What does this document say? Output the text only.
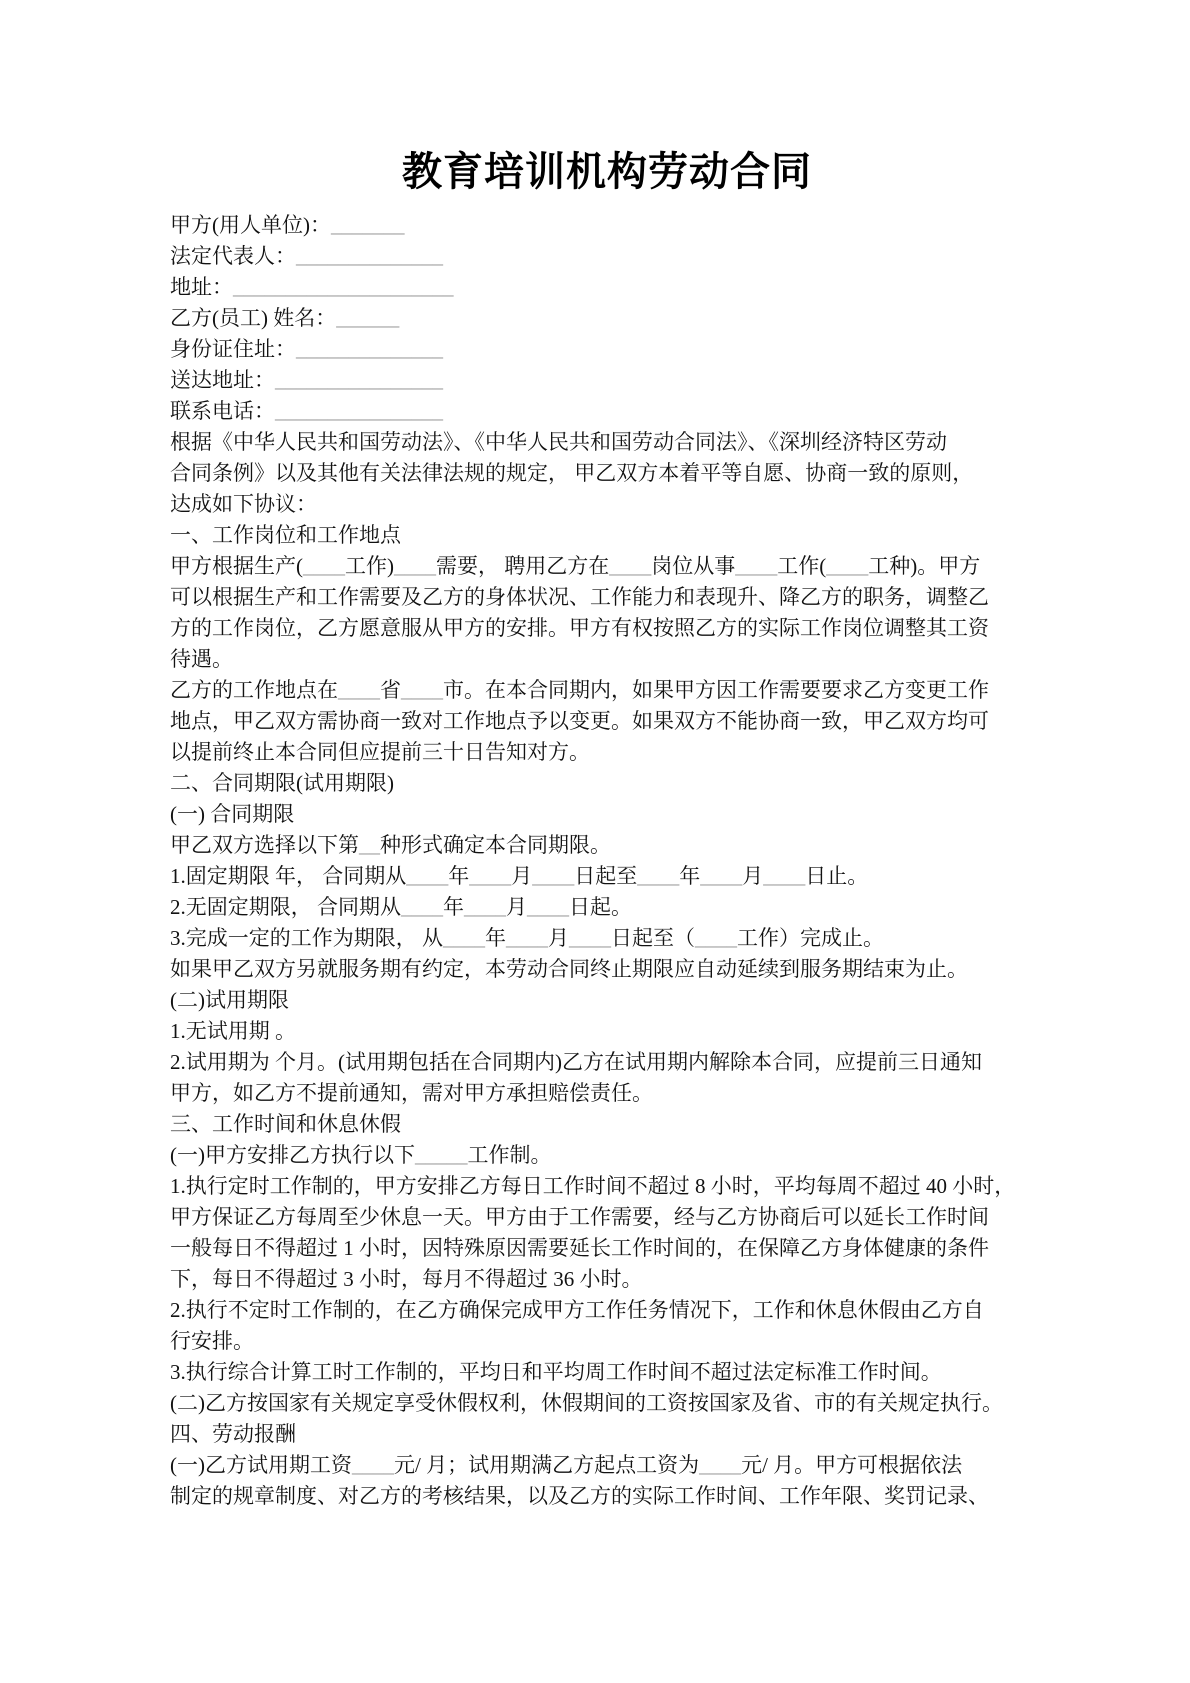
教育培训机构劳动合同
甲方(用人单位)：_______
法定代表人：______________
地址：_____________________
乙方(员工) 姓名：______
身份证住址：______________
送达地址：________________
联系电话：________________
根据《中华人民共和国劳动法》、《中华人民共和国劳动合同法》、《深圳经济特区劳动
合同条例》以及其他有关法律法规的规定， 甲乙双方本着平等自愿、协商一致的原则，
达成如下协议：
一、工作岗位和工作地点
甲方根据生产(____工作)____需要， 聘用乙方在____岗位从事____工作(____工种)。甲方
可以根据生产和工作需要及乙方的身体状况、工作能力和表现升、降乙方的职务，调整乙
方的工作岗位，乙方愿意服从甲方的安排。甲方有权按照乙方的实际工作岗位调整其工资
待遇。
乙方的工作地点在____省____市。在本合同期内，如果甲方因工作需要要求乙方变更工作
地点，甲乙双方需协商一致对工作地点予以变更。如果双方不能协商一致，甲乙双方均可
以提前终止本合同但应提前三十日告知对方。
二、合同期限(试用期限)
(一) 合同期限
甲乙双方选择以下第__种形式确定本合同期限。
1.固定期限 年， 合同期从____年____月____日起至____年____月____日止。
2.无固定期限， 合同期从____年____月____日起。
3.完成一定的工作为期限， 从____年____月____日起至（____工作）完成止。
如果甲乙双方另就服务期有约定，本劳动合同终止期限应自动延续到服务期结束为止。
(二)试用期限
1.无试用期 。
2.试用期为 个月。(试用期包括在合同期内)乙方在试用期内解除本合同，应提前三日通知
甲方，如乙方不提前通知，需对甲方承担赔偿责任。
三、工作时间和休息休假
(一)甲方安排乙方执行以下_____工作制。
1.执行定时工作制的，甲方安排乙方每日工作时间不超过 8 小时，平均每周不超过 40 小时，
甲方保证乙方每周至少休息一天。甲方由于工作需要，经与乙方协商后可以延长工作时间
一般每日不得超过 1 小时，因特殊原因需要延长工作时间的，在保障乙方身体健康的条件
下，每日不得超过 3 小时，每月不得超过 36 小时。
2.执行不定时工作制的，在乙方确保完成甲方工作任务情况下，工作和休息休假由乙方自
行安排。
3.执行综合计算工时工作制的，平均日和平均周工作时间不超过法定标准工作时间。
(二)乙方按国家有关规定享受休假权利，休假期间的工资按国家及省、市的有关规定执行。
四、劳动报酬
(一)乙方试用期工资____元/ 月；试用期满乙方起点工资为____元/ 月。甲方可根据依法
制定的规章制度、对乙方的考核结果，以及乙方的实际工作时间、工作年限、奖罚记录、
